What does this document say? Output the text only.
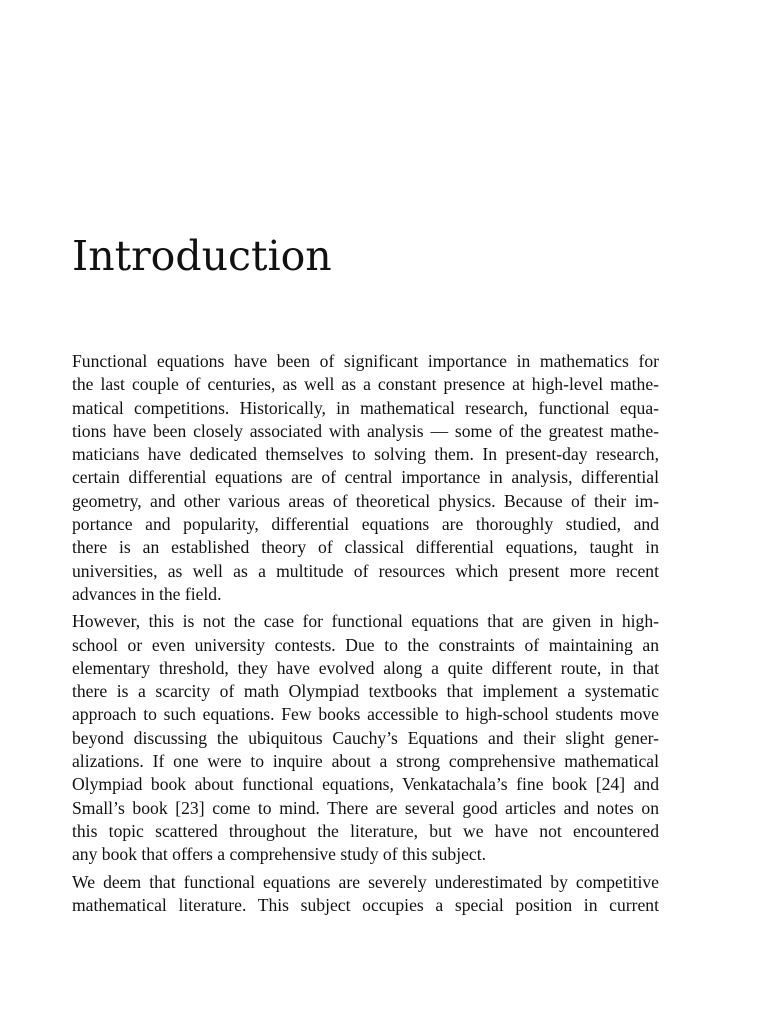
Introduction
Functional equations have been of significant importance in mathematics for
the last couple of centuries, as well as a constant presence at high-level mathe-
matical competitions. Historically, in mathematical research, functional equa-
tions have been closely associated with analysis — some of the greatest mathe-
maticians have dedicated themselves to solving them. In present-day research,
certain differential equations are of central importance in analysis, differential
geometry, and other various areas of theoretical physics. Because of their im-
portance and popularity, differential equations are thoroughly studied, and
there is an established theory of classical differential equations, taught in
universities, as well as a multitude of resources which present more recent
advances in the field.
However, this is not the case for functional equations that are given in high-
school or even university contests. Due to the constraints of maintaining an
elementary threshold, they have evolved along a quite different route, in that
there is a scarcity of math Olympiad textbooks that implement a systematic
approach to such equations. Few books accessible to high-school students move
beyond discussing the ubiquitous Cauchy’s Equations and their slight gener-
alizations. If one were to inquire about a strong comprehensive mathematical
Olympiad book about functional equations, Venkatachala’s fine book [24] and
Small’s book [23] come to mind. There are several good articles and notes on
this topic scattered throughout the literature, but we have not encountered
any book that offers a comprehensive study of this subject.
We deem that functional equations are severely underestimated by competitive
mathematical literature. This subject occupies a special position in current
